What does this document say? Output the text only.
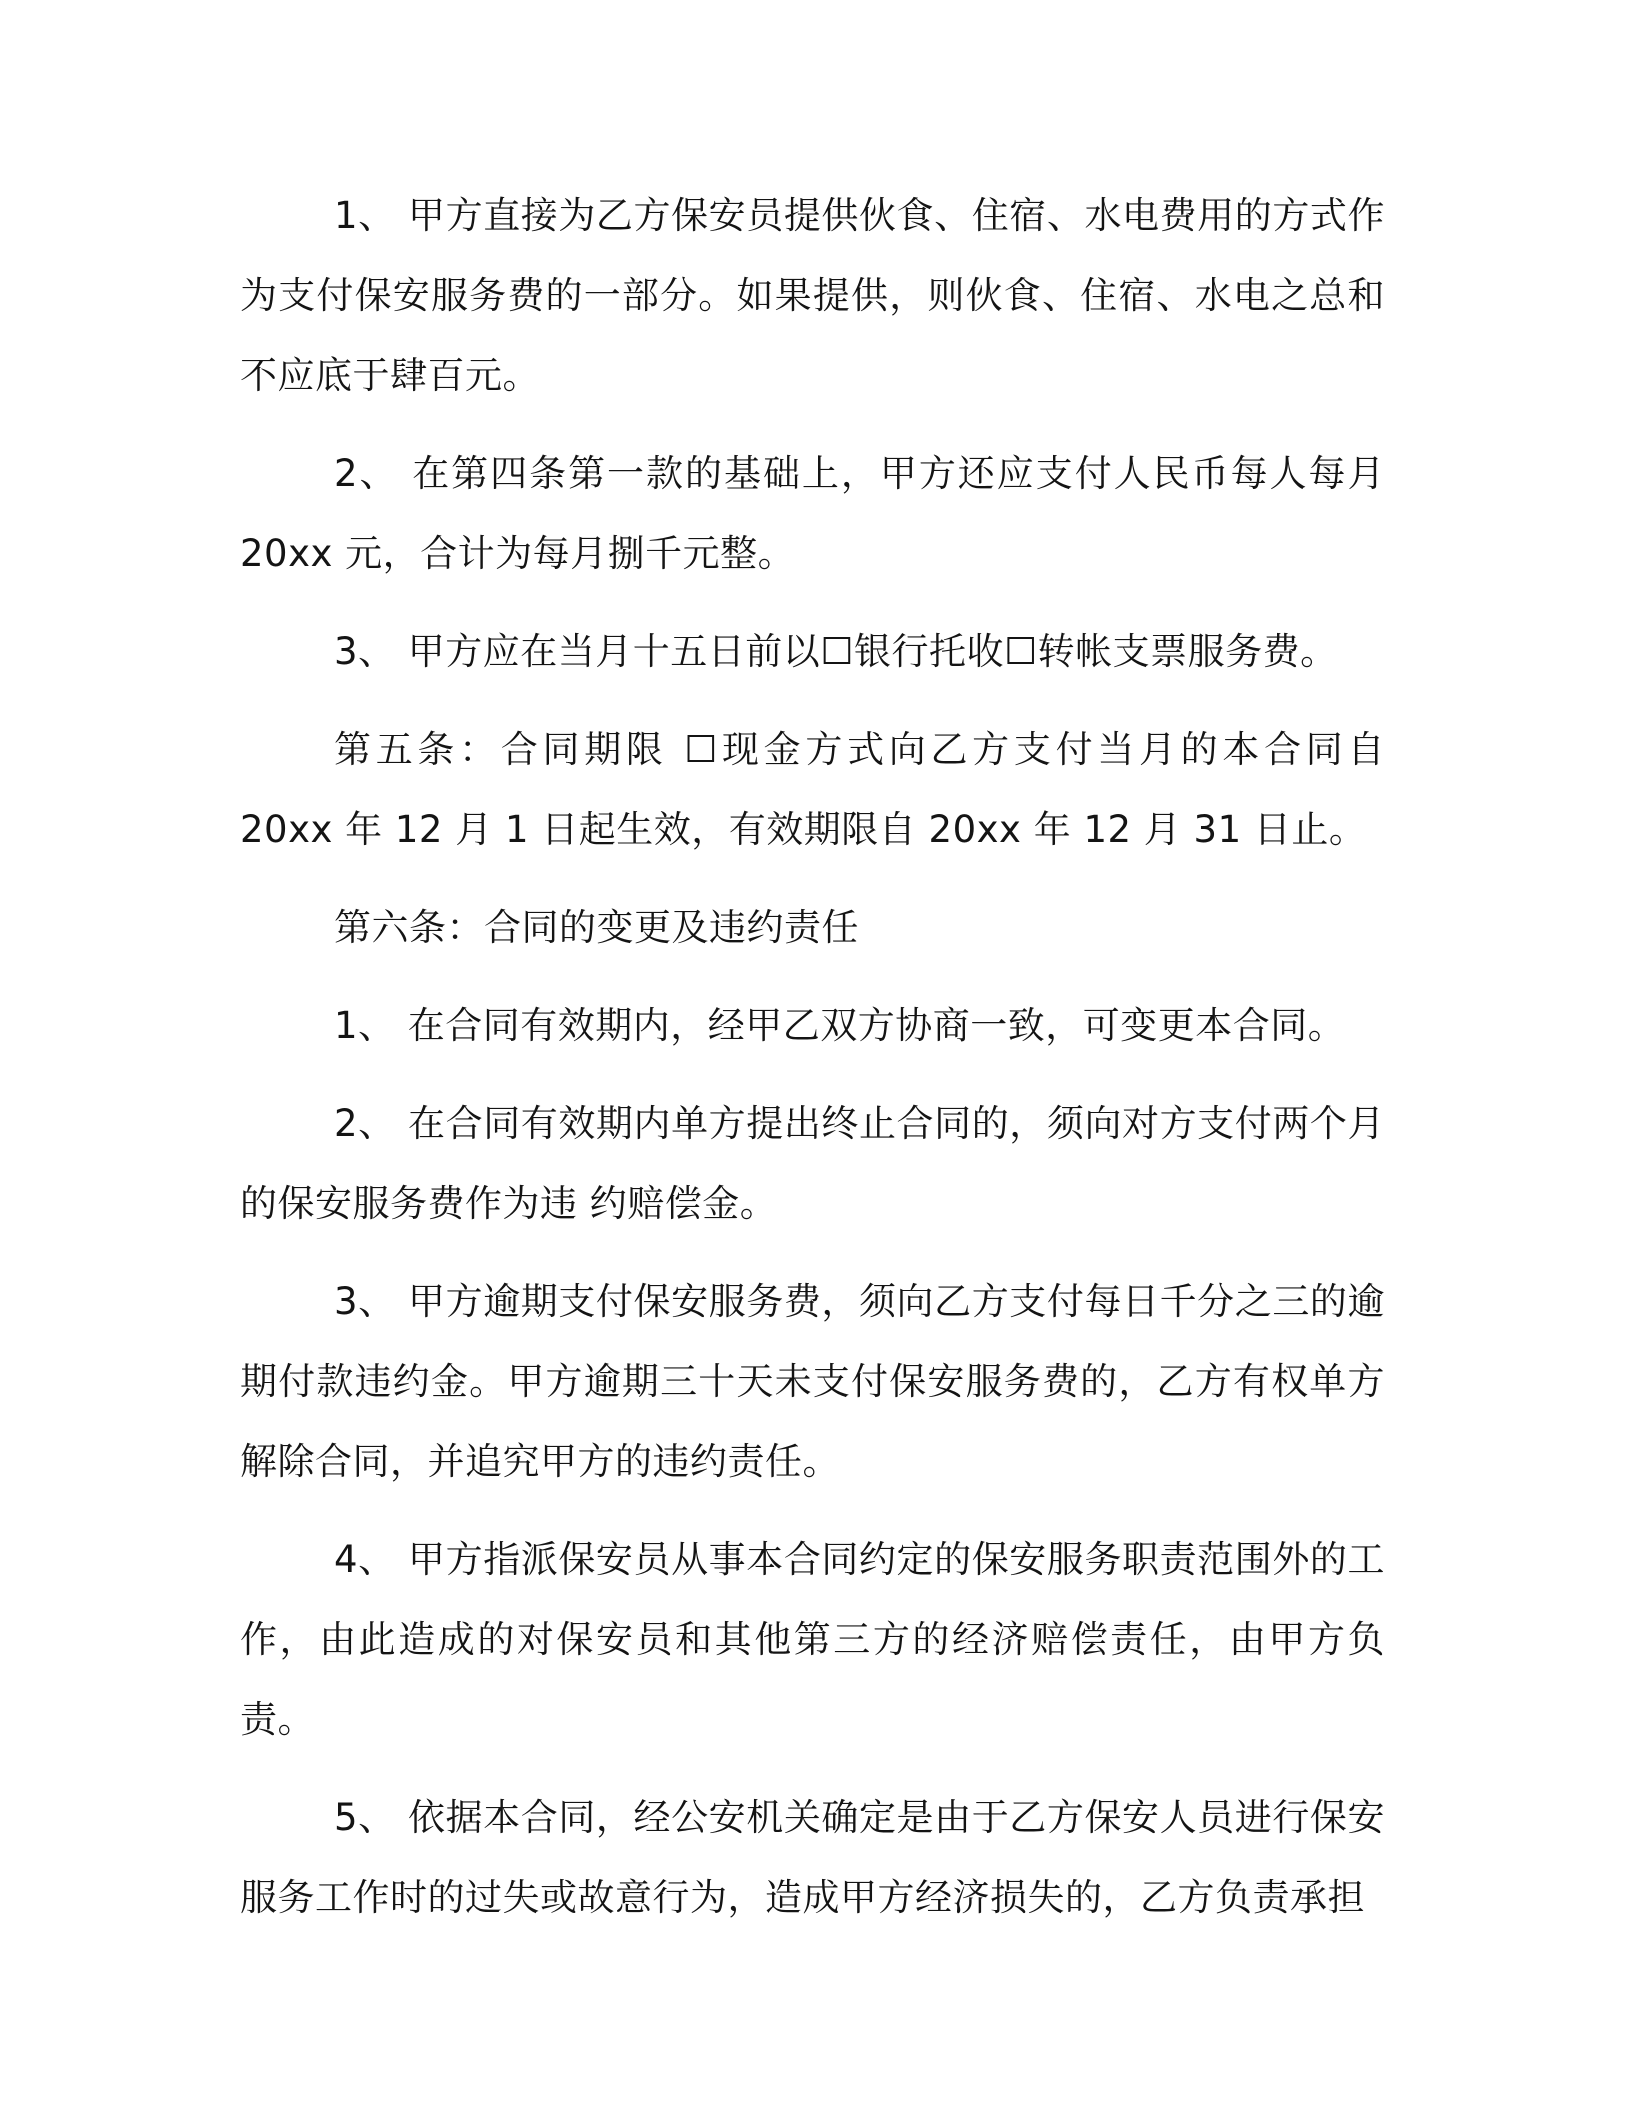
1、 甲方直接为乙方保安员提供伙食、住宿、水电费用的方式作为支付保安服务费的一部分。如果提供，则伙食、住宿、水电之总和不应底于肆百元。

2、 在第四条第一款的基础上，甲方还应支付人民币每人每月 20xx 元，合计为每月捌千元整。

3、 甲方应在当月十五日前以☐银行托收☐转帐支票服务费。

第五条：合同期限 ☐现金方式向乙方支付当月的本合同自 20xx 年 12 月 1 日起生效，有效期限自 20xx 年 12 月 31 日止。

第六条：合同的变更及违约责任

1、 在合同有效期内，经甲乙双方协商一致，可变更本合同。

2、 在合同有效期内单方提出终止合同的，须向对方支付两个月的保安服务费作为违 约赔偿金。

3、 甲方逾期支付保安服务费，须向乙方支付每日千分之三的逾期付款违约金。甲方逾期三十天未支付保安服务费的，乙方有权单方解除合同，并追究甲方的违约责任。

4、 甲方指派保安员从事本合同约定的保安服务职责范围外的工作，由此造成的对保安员和其他第三方的经济赔偿责任，由甲方负责。

5、 依据本合同，经公安机关确定是由于乙方保安人员进行保安服务工作时的过失或故意行为，造成甲方经济损失的，乙方负责承担
